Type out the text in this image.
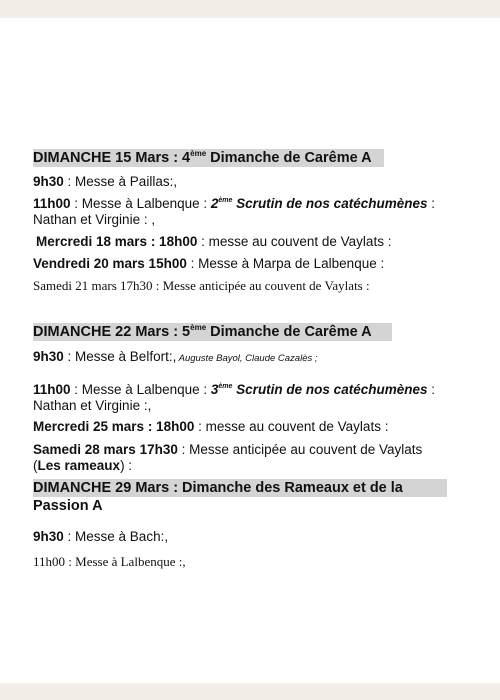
DIMANCHE 15 Mars : 4ème Dimanche de Carême A
9h30 : Messe à Paillas:,
11h00 : Messe à Lalbenque : 2ème Scrutin de nos catéchumènes :
Nathan et Virginie : ,
Mercredi 18 mars : 18h00 : messe au couvent de Vaylats :
Vendredi 20 mars 15h00 : Messe à Marpa de Lalbenque :
Samedi 21 mars 17h30 : Messe anticipée au couvent de Vaylats :
DIMANCHE 22 Mars : 5ème Dimanche de Carême A
9h30 : Messe à Belfort:, Auguste Bayol, Claude Cazalès ;
11h00 : Messe à Lalbenque : 3ème Scrutin de nos catéchumènes :
Nathan et Virginie :,
Mercredi 25 mars : 18h00 : messe au couvent de Vaylats :
Samedi 28 mars 17h30 : Messe anticipée au couvent de Vaylats
(Les rameaux) :
DIMANCHE 29 Mars : Dimanche des Rameaux et de la
Passion A
9h30 : Messe à Bach:,
11h00 : Messe à Lalbenque :,
